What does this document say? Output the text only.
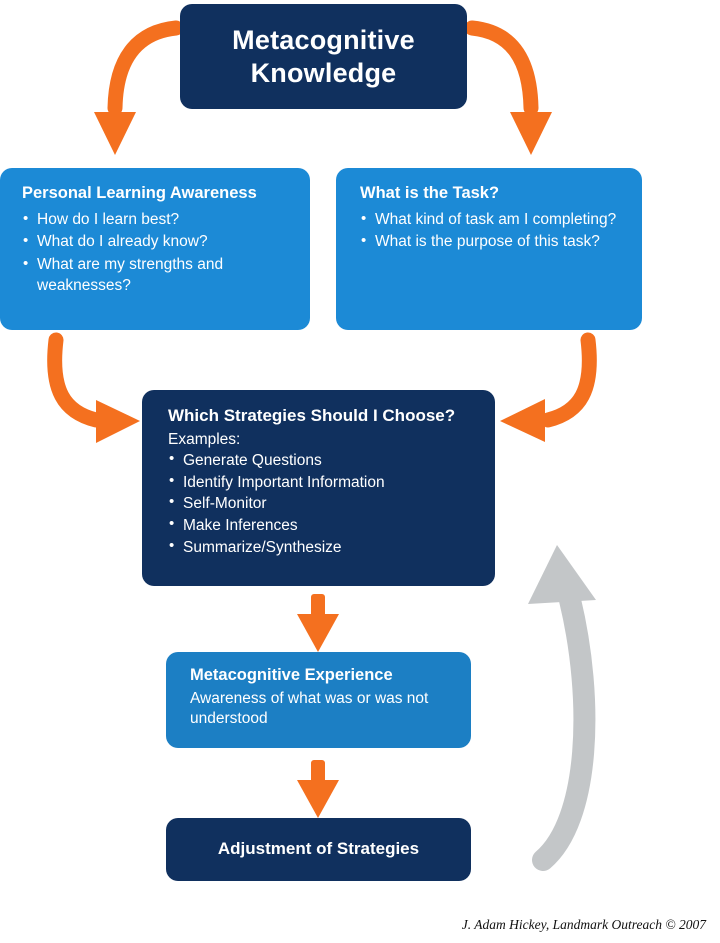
Metacognitive Knowledge
Personal Learning Awareness
• How do I learn best?
• What do I already know?
• What are my strengths and weaknesses?
What is the Task?
• What kind of task am I completing?
• What is the purpose of this task?
Which Strategies Should I Choose?
Examples:
• Generate Questions
• Identify Important Information
• Self-Monitor
• Make Inferences
• Summarize/Synthesize
Metacognitive Experience
Awareness of what was or was not understood
Adjustment of Strategies
J. Adam Hickey, Landmark Outreach © 2007
